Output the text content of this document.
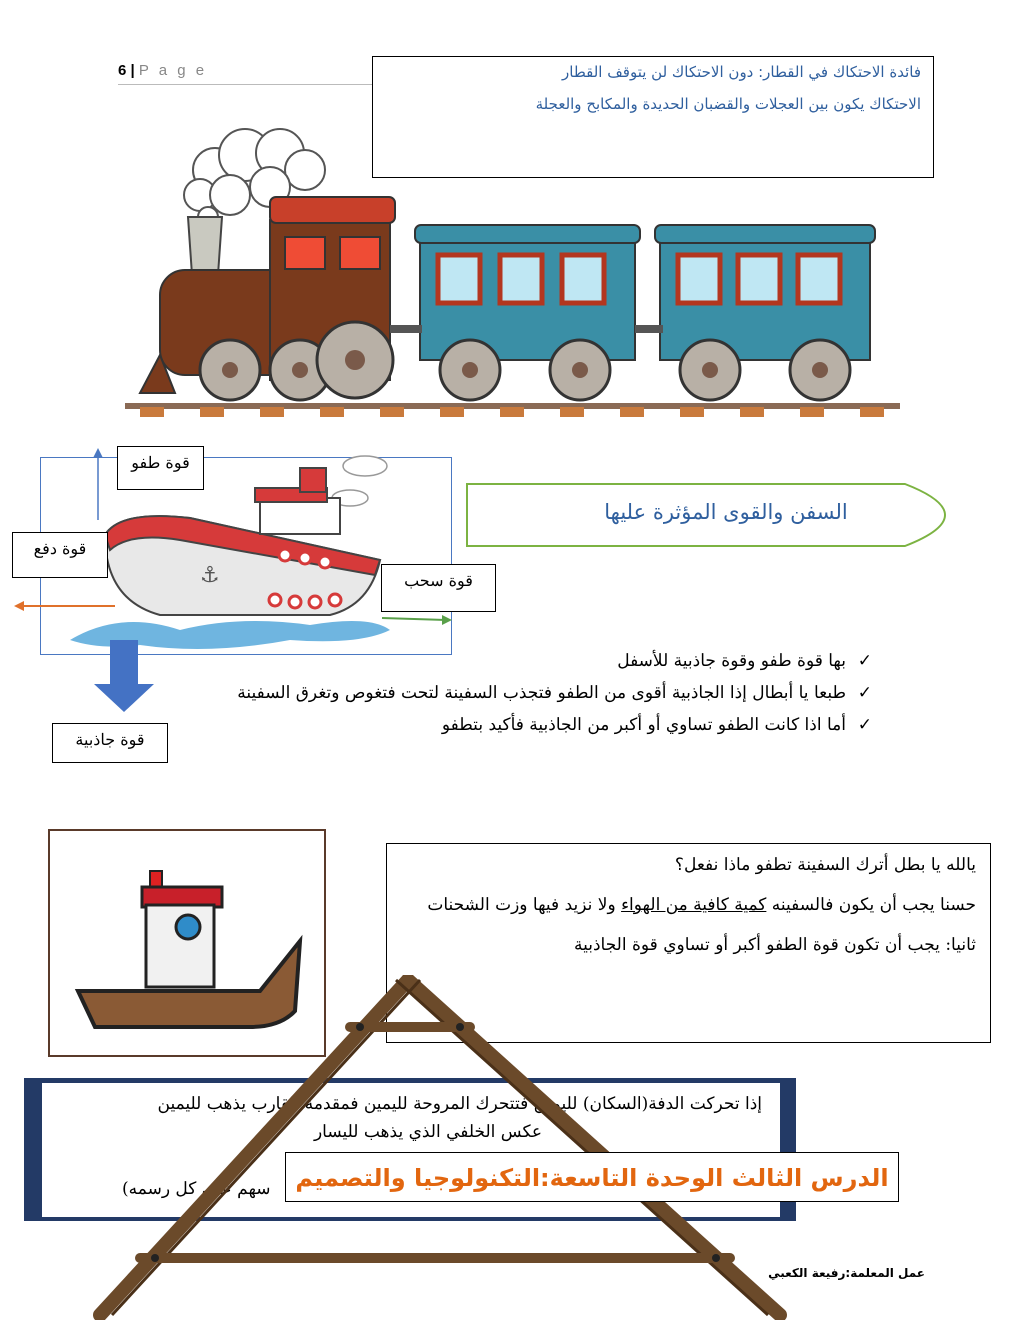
6 | P a g e	فائدة الاحتكاك في القطار: دون الاحتكاك لن يتوقف القطار

الاحتكاك يكون بين العجلات والقضبان الحديدة والمكابح والعجلة

⚓
قوة طفو
قوة دفع
قوة سحب
قوة جاذبية
السفن والقوى المؤثرة عليها
✓
بها قوة طفو وقوة جاذبية للأسفل
✓
طبعا يا أبطال إذا الجاذبية أقوى من الطفو فتجذب السفينة لتحت فتغوص وتغرق السفينة
✓
أما اذا كانت الطفو تساوي أو أكبر من الجاذبية فأكيد بتطفو

يالله يا بطل أترك السفينة تطفو ماذا نفعل؟

حسنا يجب أن يكون فالسفينه كمية كافية من الهواء ولا نزيد فيها وزت الشحنات

ثانيا: يجب أن تكون قوة الطفو أكبر أو تساوي قوة الجاذبية

إذا تحركت الدفة(السكان) لليمين فتتحرك المروحة لليمين فمقدمة القارب يذهب لليمين
عكس الخلفي الذي يذهب لليسار
سهم على كل رسمه)	الدرس الثالث الوحدة التاسعة:التكنولوجيا والتصميم
عمل المعلمة:رفيعة الكعبي
